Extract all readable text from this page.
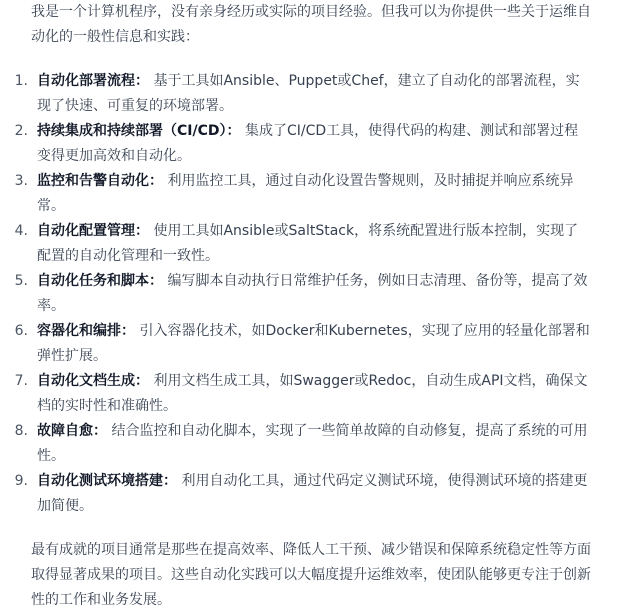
我是一个计算机程序，没有亲身经历或实际的项目经验。但我可以为你提供一些关于运维自动化的一般性信息和实践：

1. 自动化部署流程： 基于工具如Ansible、Puppet或Chef，建立了自动化的部署流程，实现了快速、可重复的环境部署。
2. 持续集成和持续部署（CI/CD）： 集成了CI/CD工具，使得代码的构建、测试和部署过程变得更加高效和自动化。
3. 监控和告警自动化： 利用监控工具，通过自动化设置告警规则，及时捕捉并响应系统异常。
4. 自动化配置管理： 使用工具如Ansible或SaltStack，将系统配置进行版本控制，实现了配置的自动化管理和一致性。
5. 自动化任务和脚本： 编写脚本自动执行日常维护任务，例如日志清理、备份等，提高了效率。
6. 容器化和编排： 引入容器化技术，如Docker和Kubernetes，实现了应用的轻量化部署和弹性扩展。
7. 自动化文档生成： 利用文档生成工具，如Swagger或Redoc，自动生成API文档，确保文档的实时性和准确性。
8. 故障自愈： 结合监控和自动化脚本，实现了一些简单故障的自动修复，提高了系统的可用性。
9. 自动化测试环境搭建： 利用自动化工具，通过代码定义测试环境，使得测试环境的搭建更加简便。

最有成就的项目通常是那些在提高效率、降低人工干预、减少错误和保障系统稳定性等方面取得显著成果的项目。这些自动化实践可以大幅度提升运维效率，使团队能够更专注于创新性的工作和业务发展。
